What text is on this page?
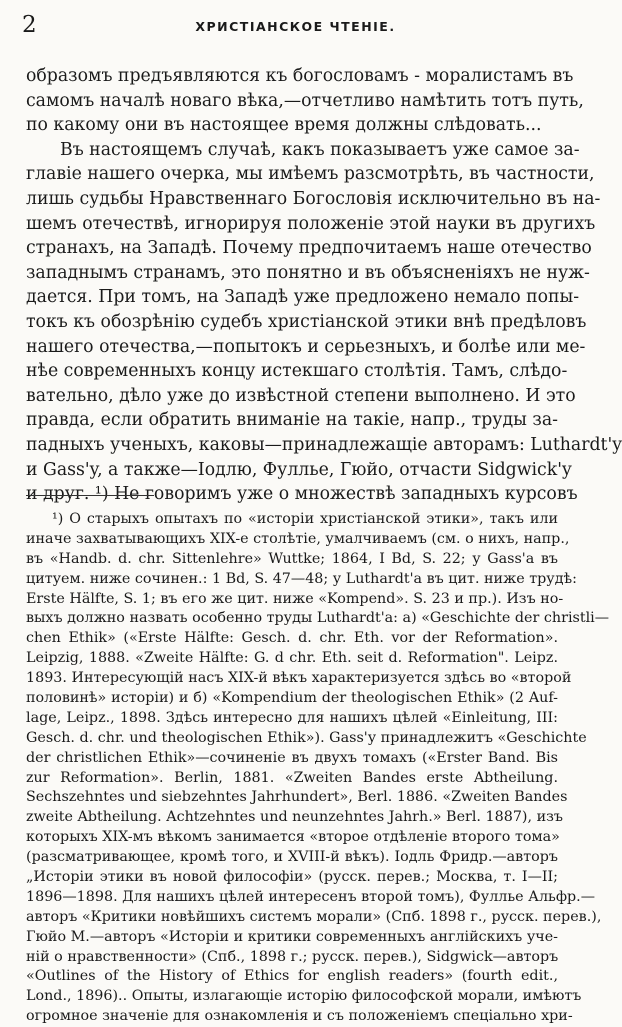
2	ХРИСТІАНСКОЕ ЧТЕНІЕ.
образомъ предъявляются къ богословамъ - моралистамъ въ
самомъ началѣ новаго вѣка,—отчетливо намѣтить тотъ путь,
по какому они въ настоящее время должны слѣдовать...
Въ настоящемъ случаѣ, какъ показываетъ уже самое за-
главіе нашего очерка, мы имѣемъ разсмотрѣть, въ частности,
лишь судьбы Нравственнаго Богословія исключительно въ на-
шемъ отечествѣ, игнорируя положеніе этой науки въ другихъ
странахъ, на Западѣ. Почему предпочитаемъ наше отечество
западнымъ странамъ, это понятно и въ объясненіяхъ не нуж-
дается. При томъ, на Западѣ уже предложено немало попы-
токъ къ обозрѣнію судебъ христіанской этики внѣ предѣловъ
нашего отечества,—попытокъ и серьезныхъ, и болѣе или ме-
нѣе современныхъ концу истекшаго столѣтія. Тамъ, слѣдо-
вательно, дѣло уже до извѣстной степени выполнено. И это
правда, если обратить вниманіе на такіе, напр., труды за-
падныхъ ученыхъ, каковы—принадлежащіе авторамъ: Luthardt'y
и Gass'y, а также—Іодлю, Фуллье, Гюйо, отчасти Sidgwick'y
и друг. ¹) Не говоримъ уже о множествѣ западныхъ курсовъ
¹) О старыхъ опытахъ по «исторіи христіанской этики», такъ или
иначе захватывающихъ XIX-е столѣтіе, умалчиваемъ (см. о нихъ, напр.,
въ «Handb. d. chr. Sittenlehre» Wuttke; 1864, I Bd, S. 22; у Gass'а въ
цитуем. ниже сочинен.: 1 Bd, S. 47—48; у Luthardt'а въ цит. ниже трудѣ:
Erste Hälfte, S. 1; въ его же цит. ниже «Kompend». S. 23 и пр.). Изъ но-
выхъ должно назвать особенно труды Luthardt'а: а) «Geschichte der christli—
chen Ethik» («Erste Hälfte: Gesch. d. chr. Eth. vor der Reformation».
Leipzig, 1888. «Zweite Hälfte: G. d chr. Eth. seit d. Reformation". Leipz.
1893. Интересующій насъ XIX-й вѣкъ характеризуется здѣсь во «второй
половинѣ» исторіи) и б) «Kompendium der theologischen Ethik» (2 Auf-
lage, Leipz., 1898. Здѣсь интересно для нашихъ цѣлей «Einleitung, III:
Gesch. d. chr. und theologischen Ethik»). Gass'у принадлежитъ «Geschichte
der christlichen Ethik»—сочиненіе въ двухъ томахъ («Erster Band. Bis
zur Reformation». Berlin, 1881. «Zweiten Bandes erste Abtheilung.
Sechszehntes und siebzehntes Jahrhundert», Berl. 1886. «Zweiten Bandes
zweite Abtheilung. Achtzehntes und neunzehntes Jahrh.» Berl. 1887), изъ
которыхъ XIX-мъ вѣкомъ занимается «второе отдѣленіе второго тома»
(разсматривающее, кромѣ того, и XVIII-й вѣкъ). Іодль Фридр.—авторъ
„Исторіи этики въ новой философіи» (русск. перев.; Москва, т. I—II;
1896—1898. Для нашихъ цѣлей интересенъ второй томъ), Фуллье Альфр.—
авторъ «Критики новѣйшихъ системъ морали» (Спб. 1898 г., русск. перев.),
Гюйо М.—авторъ «Исторіи и критики современныхъ англійскихъ уче-
ній о нравственности» (Спб., 1898 г.; русск. перев.), Sidgwick—авторъ
«Outlines of the History of Ethics for english readers» (fourth edit.,
Lond., 1896).. Опыты, излагающіе исторію философской морали, имѣютъ
огромное значеніе для ознакомленія и съ положеніемъ спеціально хри-
